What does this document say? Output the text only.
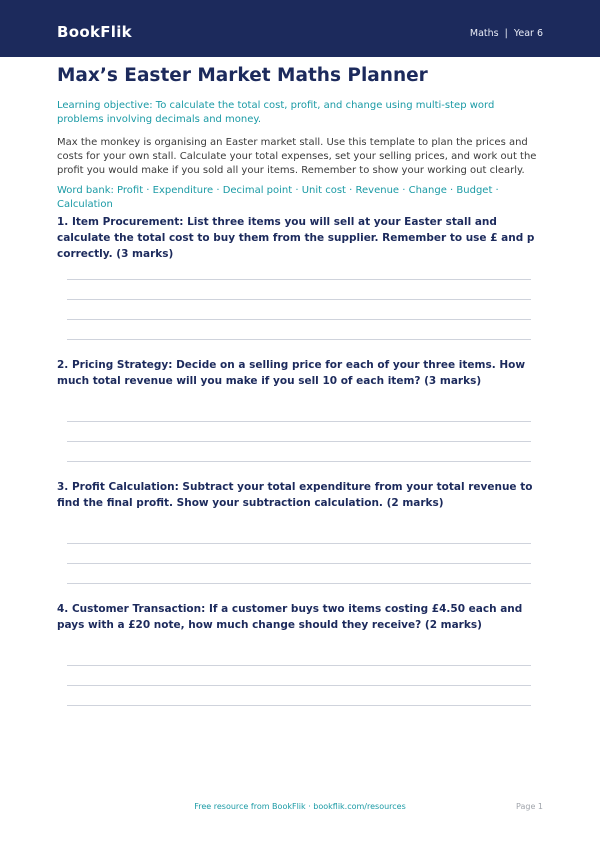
BookFlik	Maths | Year 6
Max’s Easter Market Maths Planner

Learning objective: To calculate the total cost, profit, and change using multi-step word problems involving decimals and money.

Max the monkey is organising an Easter market stall. Use this template to plan the prices and costs for your own stall. Calculate your total expenses, set your selling prices, and work out the profit you would make if you sold all your items. Remember to show your working out clearly.

Word bank: Profit · Expenditure · Decimal point · Unit cost · Revenue · Change · Budget · Calculation

1. Item Procurement: List three items you will sell at your Easter stall and calculate the total cost to buy them from the supplier. Remember to use £ and p correctly. (3 marks)

2. Pricing Strategy: Decide on a selling price for each of your three items. How much total revenue will you make if you sell 10 of each item? (3 marks)

3. Profit Calculation: Subtract your total expenditure from your total revenue to find the final profit. Show your subtraction calculation. (2 marks)

4. Customer Transaction: If a customer buys two items costing £4.50 each and pays with a £20 note, how much change should they receive? (2 marks)

Free resource from BookFlik · bookflik.com/resources	Page 1
